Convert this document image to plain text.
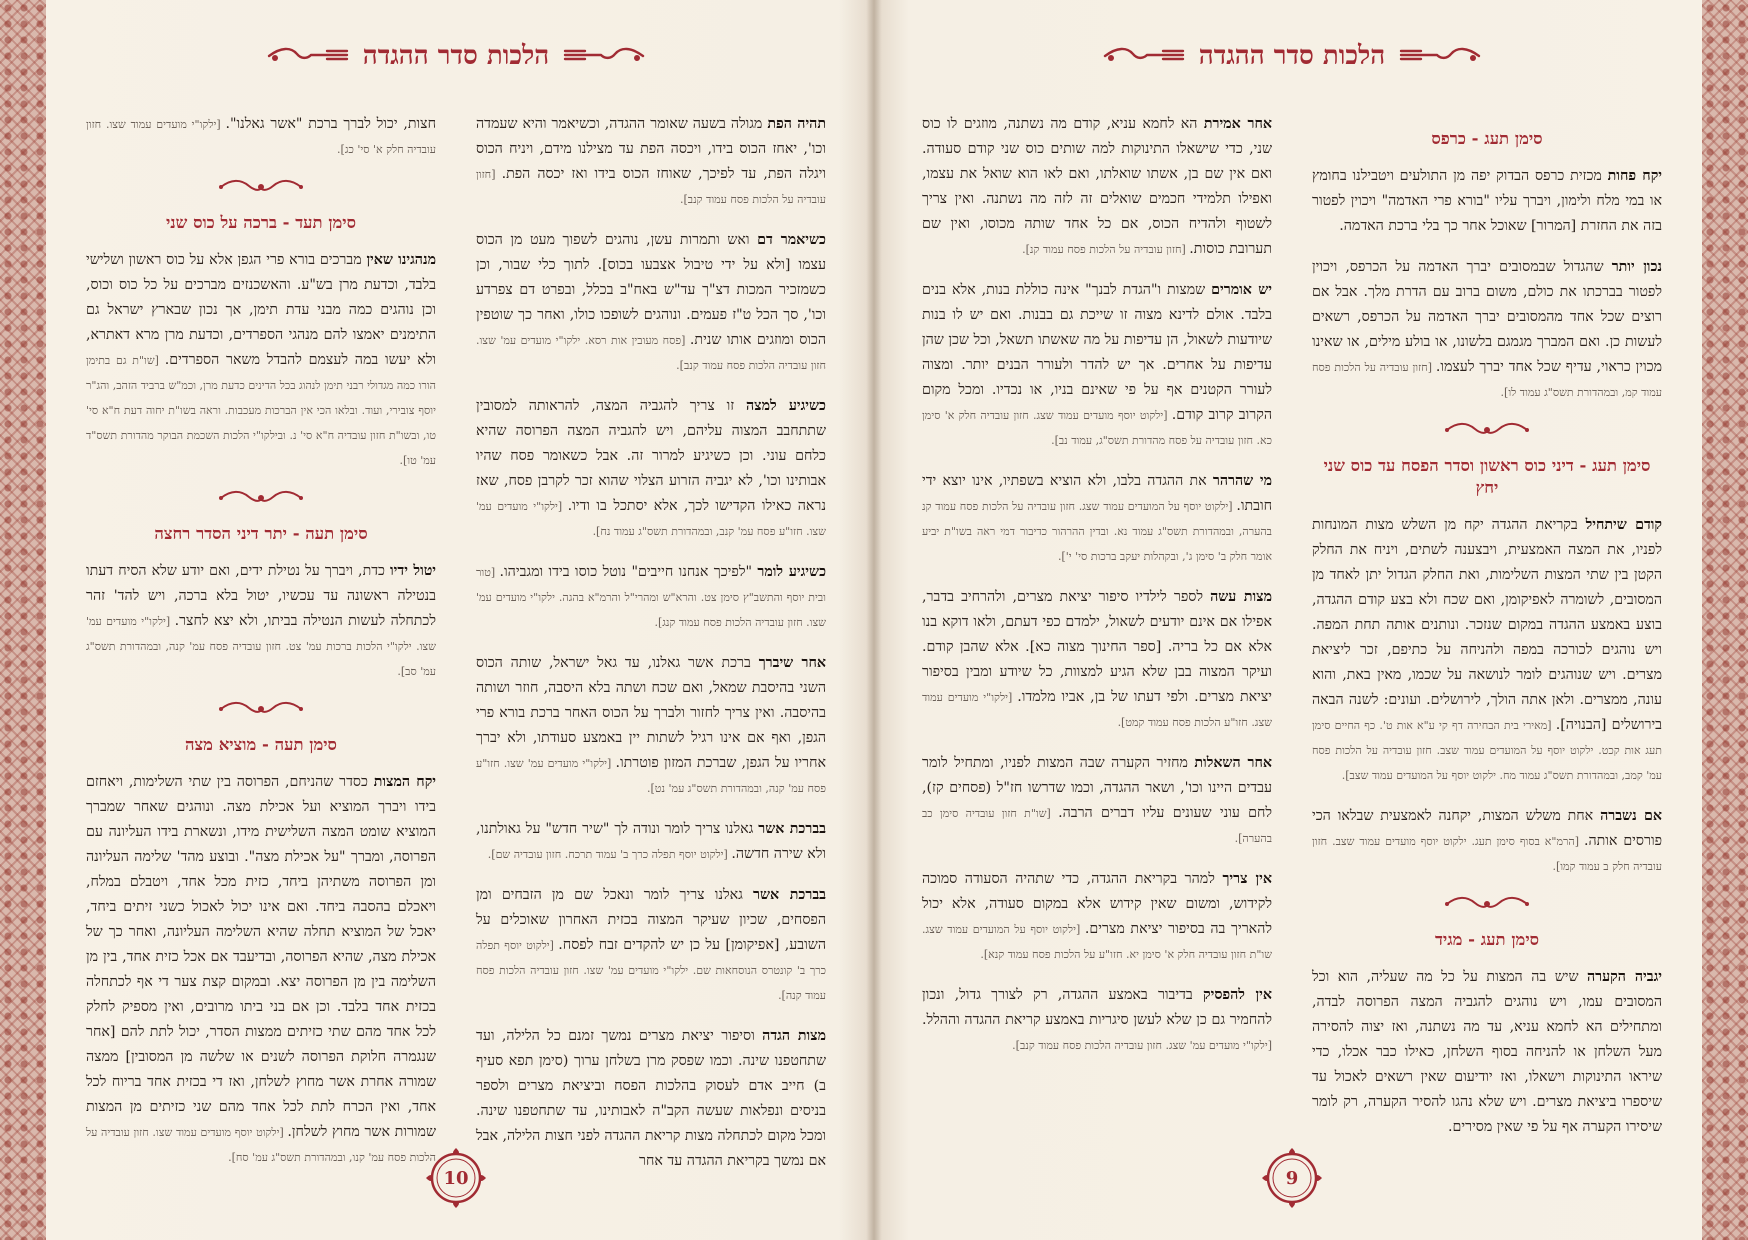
הלכות סדר ההגדה

תהיה הפת מגולה בשעה שאומר ההגדה, וכשיאמר והיא שעמדה וכו', יאחז הכוס בידו, ויכסה הפת עד מצילנו מידם, ויניח הכוס ויגלה הפת, עד לפיכך, שאוחז הכוס בידו ואז יכסה הפת. [חזון עובדיה על הלכות פסח עמוד קנב].

כשיאמר דם ואש ותמרות עשן, נוהגים לשפוך מעט מן הכוס עצמו [ולא על ידי טיבול אצבעו בכוס]. לתוך כלי שבור, וכן כשמזכיר המכות דצ"ך עד"ש באח"ב בכלל, ובפרט דם צפרדע וכו', סך הכל ט"ז פעמים. ונוהגים לשופכו כולו, ואחר כך שוטפין הכוס ומוזגים אותו שנית. [פסח מעובין אות רסא. ילקו"י מועדים עמ' שצו. חזון עובדיה הלכות פסח עמוד קנב].

כשיגיע למצה זו צריך להגביה המצה, להראותה למסובין שתתחבב המצוה עליהם, ויש להגביה המצה הפרוסה שהיא כלחם עוני. וכן כשיגיע למרור זה. אבל כשאומר פסח שהיו אבותינו וכו', לא יגביה הזרוע הצלוי שהוא זכר לקרבן פסח, שאז נראה כאילו הקדישו לכך, אלא יסתכל בו ודיו. [ילקו"י מועדים עמ' שצו. חזו"ע פסח עמ' קנב, ובמהדורת תשס"ג עמוד נח].

כשיגיע לומר "לפיכך אנחנו חייבים" נוטל כוסו בידו ומגביהו. [טור ובית יוסף והתשב"ץ סימן צט. והרא"ש ומהרי"ל והרמ"א בהגה. ילקו"י מועדים עמ' שצו. חזון עובדיה הלכות פסח עמוד קנג].

אחר שיברך ברכת אשר גאלנו, עד גאל ישראל, שותה הכוס השני בהיסבת שמאל, ואם שכח ושתה בלא היסבה, חוזר ושותה בהיסבה. ואין צריך לחזור ולברך על הכוס האחר ברכת בורא פרי הגפן, ואף אם אינו רגיל לשתות יין באמצע סעודתו, ולא יברך אחריו על הגפן, שברכת המזון פוטרתו. [ילקו"י מועדים עמ' שצו. חזו"ע פסח עמ' קנה, ובמהדורת תשס"ג עמ' נט].

בברכת אשר גאלנו צריך לומר ונודה לך "שיר חדש" על גאולתנו, ולא שירה חדשה. [ילקוט יוסף תפלה כרך ב' עמוד תרכח. חזון עובדיה שם].

בברכת אשר גאלנו צריך לומר ונאכל שם מן הזבחים ומן הפסחים, שכיון שעיקר המצוה בכזית האחרון שאוכלים על השובע, [אפיקומן] על כן יש להקדים זבח לפסח. [ילקוט יוסף תפלה כרך ב' קונטרס הנוסחאות שם. ילקו"י מועדים עמ' שצו. חזון עובדיה הלכות פסח עמוד קנה].

מצות הגדה וסיפור יציאת מצרים נמשך זמנם כל הלילה, ועד שתחטפנו שינה. וכמו שפסק מרן בשלחן ערוך (סימן תפא סעיף ב) חייב אדם לעסוק בהלכות הפסח וביציאת מצרים ולספר בניסים ונפלאות שעשה הקב"ה לאבותינו, עד שתחטפנו שינה. ומכל מקום לכתחלה מצות קריאת ההגדה לפני חצות הלילה, אבל אם נמשך בקריאת ההגדה עד אחר

חצות, יכול לברך ברכת "אשר גאלנו". [ילקו"י מועדים עמוד שצו. חזון עובדיה חלק א' סי' כג].

סימן תעד - ברכה על כוס שני

מנהגינו שאין מברכים בורא פרי הגפן אלא על כוס ראשון ושלישי בלבד, וכדעת מרן בש"ע. והאשכנזים מברכים על כל כוס וכוס, וכן נוהגים כמה מבני עדת תימן, אך נכון שבארץ ישראל גם התימנים יאמצו להם מנהגי הספרדים, וכדעת מרן מרא דאתרא, ולא יעשו במה לעצמם להבדל משאר הספרדים. [שו"ת גם בתימן הורו כמה מגדולי רבני תימן לנהוג בכל הדינים כדעת מרן, וכמ"ש ברביד הזהב, והג"ר יוסף צובירי, ועוד. ובלאו הכי אין הברכות מעכבות. וראה בשו"ת יחוה דעת ח"א סי' טו, ובשו"ת חזון עובדיה ח"א סי' נ. ובילקו"י הלכות השכמת הבוקר מהדורת תשס"ד עמ' טו].

סימן תעה - יתר דיני הסדר רחצה

יטול ידיו כדת, ויברך על נטילת ידים, ואם יודע שלא הסיח דעתו בנטילה ראשונה עד עכשיו, יטול בלא ברכה, ויש להד' זהר לכתחלה לעשות הנטילה בביתו, ולא יצא לחצר. [ילקו"י מועדים עמ' שצו. ילקו"י הלכות ברכות עמ' צט. חזון עובדיה פסח עמ' קנה, ובמהדורת תשס"ג עמ' סב].

סימן תעה - מוציא מצה

יקח המצות כסדר שהניחם, הפרוסה בין שתי השלימות, ויאחזם בידו ויברך המוציא ועל אכילת מצה. ונוהגים שאחר שמברך המוציא שומט המצה השלישית מידו, ונשארת בידו העליונה עם הפרוסה, ומברך "על אכילת מצה". ובוצע מהד' שלימה העליונה ומן הפרוסה משתיהן ביחד, כזית מכל אחד, ויטבלם במלח, ויאכלם בהסבה ביחד. ואם אינו יכול לאכול כשני זיתים ביחד, יאכל של המוציא תחלה שהיא השלימה העליונה, ואחר כך של אכילת מצה, שהיא הפרוסה, ובדיעבד אם אכל כזית אחד, בין מן השלימה בין מן הפרוסה יצא. ובמקום קצת צער די אף לכתחלה בכזית אחד בלבד. וכן אם בני ביתו מרובים, ואין מספיק לחלק לכל אחד מהם שתי כזיתים ממצות הסדר, יכול לתת להם [אחר שנגמרה חלוקת הפרוסה לשנים או שלשה מן המסובין] ממצה שמורה אחרת אשר מחוץ לשלחן, ואז די בכזית אחד בריוח לכל אחד, ואין הכרח לתת לכל אחד מהם שני כזיתים מן המצות שמורות אשר מחוץ לשלחן. [ילקוט יוסף מועדים עמוד שצו. חזון עובדיה על הלכות פסח עמ' קנו, ובמהדורת תשס"ג עמ' סח].

10
הלכות סדר ההגדה
סימן תעג - כרפס

יקח פחות מכזית כרפס הבדוק יפה מן התולעים ויטבילנו בחומץ או במי מלח ולימון, ויברך עליו "בורא פרי האדמה" ויכוין לפטור בזה את החזרת [המרור] שאוכל אחר כך בלי ברכת האדמה.

נכון יותר שהגדול שבמסובים יברך האדמה על הכרפס, ויכוין לפטור בברכתו את כולם, משום ברוב עם הדרת מלך. אבל אם רוצים שכל אחד מהמסובים יברך האדמה על הכרפס, רשאים לעשות כן. ואם המברך מגמגם בלשונו, או בולע מילים, או שאינו מכוין כראוי, עדיף שכל אחד יברך לעצמו. [חזון עובדיה על הלכות פסח עמוד קמ, ובמהדורת תשס"ג עמוד לו].

סימן תעג - דיני כוס ראשון וסדר הפסח עד כוס שני יחץ

קודם שיתחיל בקריאת ההגדה יקח מן השלש מצות המונחות לפניו, את המצה האמצעית, ויבצענה לשתים, ויניח את החלק הקטן בין שתי המצות השלימות, ואת החלק הגדול יתן לאחד מן המסובים, לשומרה לאפיקומן, ואם שכח ולא בצע קודם ההגדה, בוצע באמצע ההגדה במקום שנזכר. ונותנים אותה תחת המפה. ויש נוהגים לכורכה במפה ולהניחה על כתיפם, זכר ליציאת מצרים. ויש שנוהגים לומר לנושאה על שכמו, מאין באת, והוא עונה, ממצרים. ולאן אתה הולך, לירושלים. ועונים: לשנה הבאה בירושלים [הבנויה]. [מאירי בית הבחירה דף קי ע"א אות ט'. כף החיים סימן תעג אות קכט. ילקוט יוסף על המועדים עמוד שצב. חזון עובדיה על הלכות פסח עמ' קמב, ובמהדורת תשס"ג עמוד מח. ילקוט יוסף על המועדים עמוד שצב].

אם נשברה אחת משלש המצות, יקחנה לאמצעית שבלאו הכי פורסים אותה. [הרמ"א בסוף סימן תעג. ילקוט יוסף מועדים עמוד שצב. חזון עובדיה חלק ב עמוד קמו].

סימן תעג - מגיד

יגביה הקערה שיש בה המצות על כל מה שעליה, הוא וכל המסובים עמו, ויש נוהגים להגביה המצה הפרוסה לבדה, ומתחילים הא לחמא עניא, עד מה נשתנה, ואז יצוה להסירה מעל השלחן או להניחה בסוף השלחן, כאילו כבר אכלו, כדי שיראו התינוקות וישאלו, ואז יודיעום שאין רשאים לאכול עד שיספרו ביציאת מצרים. ויש שלא נהגו להסיר הקערה, רק לומר שיסירו הקערה אף על פי שאין מסירים.

אחר אמירת הא לחמא עניא, קודם מה נשתנה, מוזגים לו כוס שני, כדי שישאלו התינוקות למה שותים כוס שני קודם סעודה. ואם אין שם בן, אשתו שואלתו, ואם לאו הוא שואל את עצמו, ואפילו תלמידי חכמים שואלים זה לזה מה נשתנה. ואין צריך לשטוף ולהדיח הכוס, אם כל אחד שותה מכוסו, ואין שם תערובת כוסות. [חזון עובדיה על הלכות פסח עמוד קנ].

יש אומרים שמצות ו"הגדת לבנך" אינה כוללת בנות, אלא בנים בלבד. אולם לדינא מצוה זו שייכת גם בבנות. ואם יש לו בנות שיודעות לשאול, הן עדיפות על מה שאשתו תשאל, וכל שכן שהן עדיפות על אחרים. אך יש להדר ולעורר הבנים יותר. ומצוה לעורר הקטנים אף על פי שאינם בניו, או נכדיו. ומכל מקום הקרוב קרוב קודם. [ילקוט יוסף מועדים עמוד שצג. חזון עובדיה חלק א' סימן כא. חזון עובדיה על פסח מהדורת תשס"ג, עמוד נב].

מי שהרהר את ההגדה בלבו, ולא הוציא בשפתיו, אינו יוצא ידי חובתו. [ילקוט יוסף על המועדים עמוד שצג. חזון עובדיה על הלכות פסח עמוד קנ בהערה, ובמהדורת תשס"ג עמוד נא. ובדין ההרהור כדיבור דמי ראה בשו"ת יביע אומר חלק ב' סימן ג', ובקהלות יעקב ברכות סי' י'].

מצות עשה לספר לילדיו סיפור יציאת מצרים, ולהרחיב בדבר, אפילו אם אינם יודעים לשאול, ילמדם כפי דעתם, ולאו דוקא בנו אלא אם כל בריה. [ספר החינוך מצוה כא]. אלא שהבן קודם. ועיקר המצוה בבן שלא הגיע למצוות, כל שיודע ומבין בסיפור יציאת מצרים. ולפי דעתו של בן, אביו מלמדו. [ילקו"י מועדים עמוד שצג. חזו"ע הלכות פסח עמוד קמט].

אחר השאלות מחזיר הקערה שבה המצות לפניו, ומתחיל לומר עבדים היינו וכו', ושאר ההגדה, וכמו שדרשו חז"ל (פסחים קז), לחם עוני שעונים עליו דברים הרבה. [שו"ת חזון עובדיה סימן כב בהערה].

אין צריך למהר בקריאת ההגדה, כדי שתהיה הסעודה סמוכה לקידוש, ומשום שאין קידוש אלא במקום סעודה, אלא יכול להאריך בה בסיפור יציאת מצרים. [ילקוט יוסף על המועדים עמוד שצג. שו"ת חזון עובדיה חלק א' סימן יא. חזו"ע על הלכות פסח עמוד קנא].

אין להפסיק בדיבור באמצע ההגדה, רק לצורך גדול, ונכון להחמיר גם כן שלא לעשן סיגריות באמצע קריאת ההגדה וההלל. [ילקו"י מועדים עמ' שצג. חזון עובדיה הלכות פסח עמוד קנב].

9
